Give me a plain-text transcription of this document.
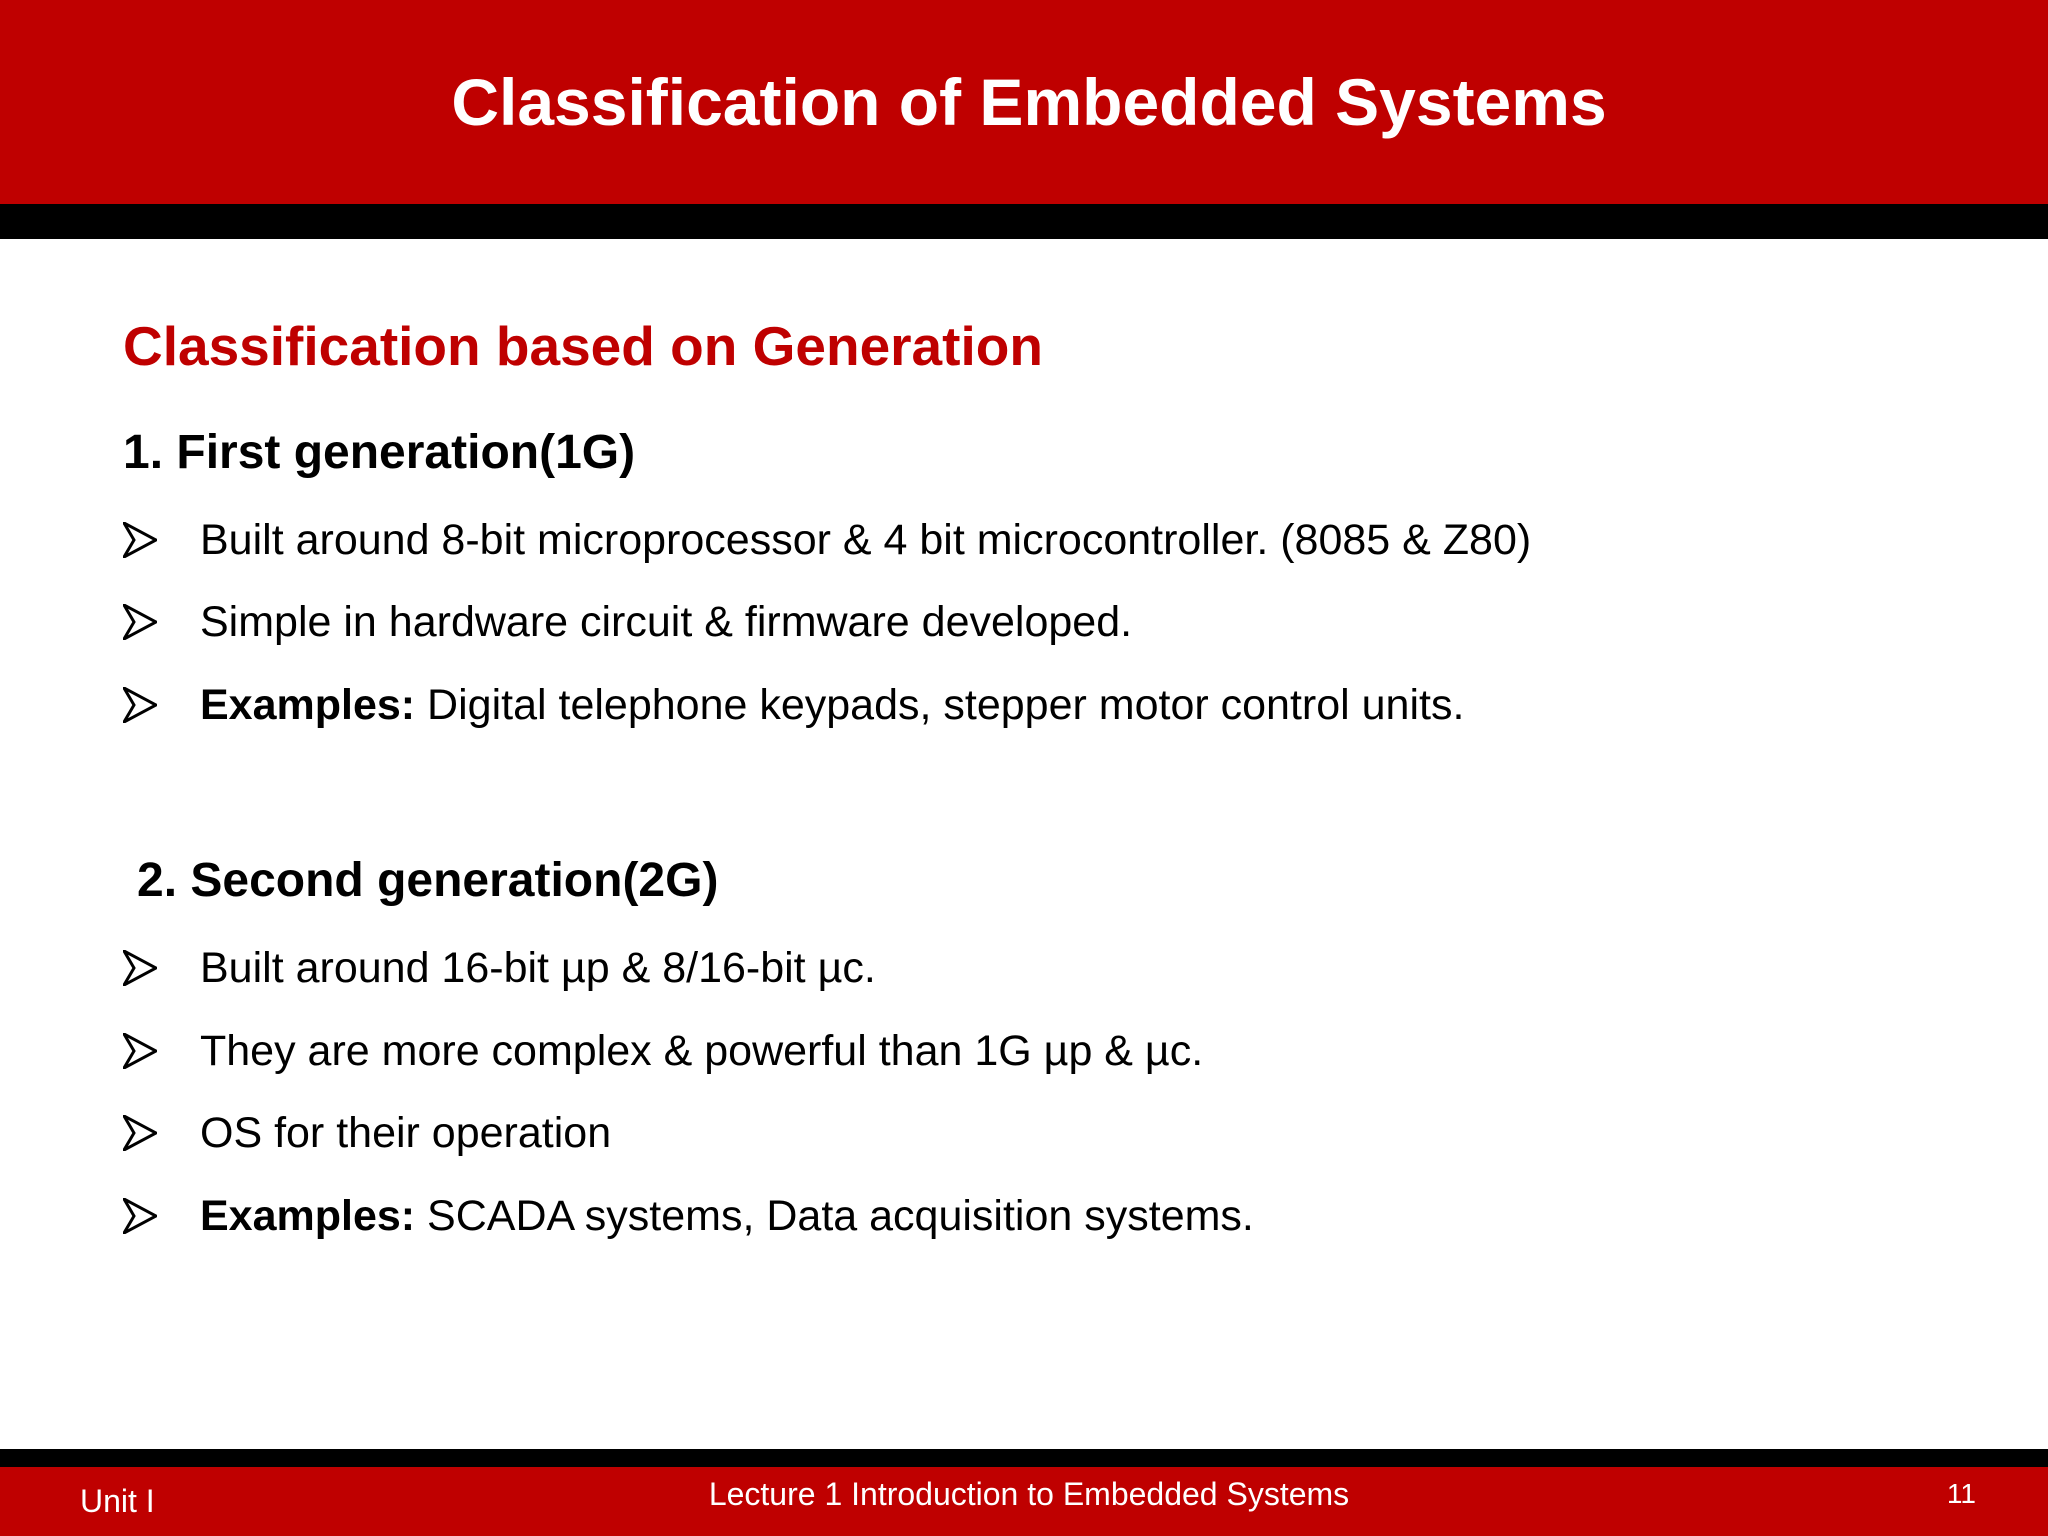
Classification of Embedded Systems
Classification based on Generation
1. First generation(1G)
Built around 8-bit microprocessor & 4 bit microcontroller. (8085 & Z80)
Simple in hardware circuit & firmware developed.
Examples: Digital telephone keypads, stepper motor control units.
2. Second generation(2G)
Built around 16-bit µp & 8/16-bit µc.
They are more complex & powerful than 1G µp & µc.
OS for their operation
Examples: SCADA systems, Data acquisition systems.
Unit I	Lecture 1 Introduction to Embedded Systems	11
